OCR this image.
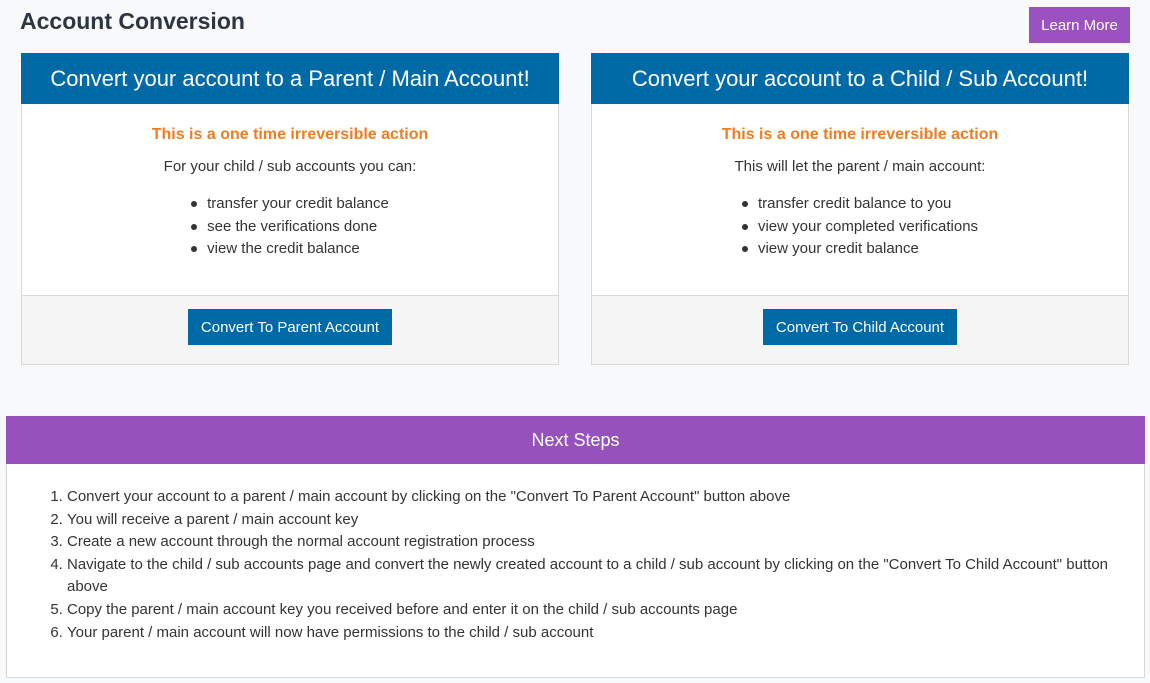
Account Conversion	Learn More
Convert your account to a Parent / Main Account!

This is a one time irreversible action

For your child / sub accounts you can:

transfer your credit balance
see the verifications done
view the credit balance
Convert To Parent Account
Convert your account to a Child / Sub Account!

This is a one time irreversible action

This will let the parent / main account:

transfer credit balance to you
view your completed verifications
view your credit balance
Convert To Child Account
Next Steps
1. Convert your account to a parent / main account by clicking on the "Convert To Parent Account" button above
2. You will receive a parent / main account key
3. Create a new account through the normal account registration process
4. Navigate to the child / sub accounts page and convert the newly created account to a child / sub account by clicking on the "Convert To Child Account" button above
5. Copy the parent / main account key you received before and enter it on the child / sub accounts page
6. Your parent / main account will now have permissions to the child / sub account
